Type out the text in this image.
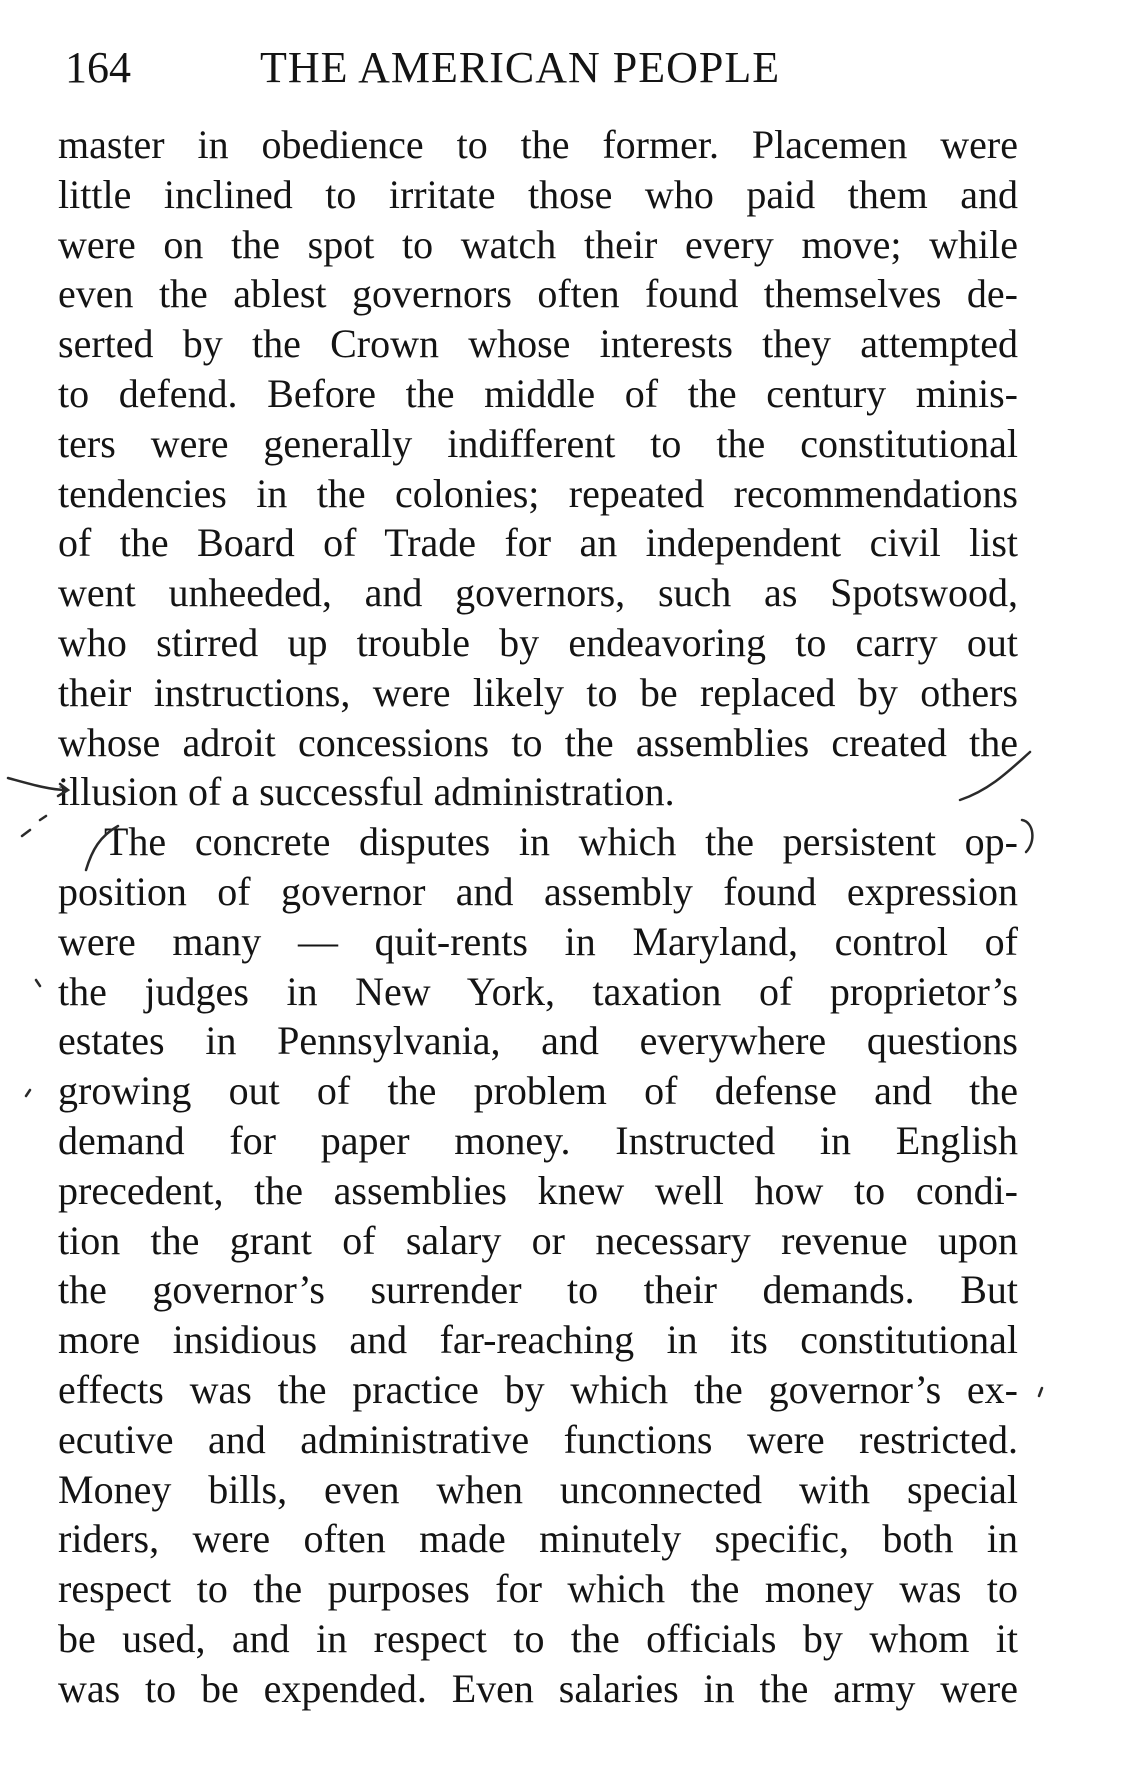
164	THE AMERICAN PEOPLE
master in obedience to the former. Placemen were
little inclined to irritate those who paid them and
were on the spot to watch their every move; while
even the ablest governors often found themselves de-
serted by the Crown whose interests they attempted
to defend. Before the middle of the century minis-
ters were generally indifferent to the constitutional
tendencies in the colonies; repeated recommendations
of the Board of Trade for an independent civil list
went unheeded, and governors, such as Spotswood,
who stirred up trouble by endeavoring to carry out
their instructions, were likely to be replaced by others
whose adroit concessions to the assemblies created the
illusion of a successful administration.
The concrete disputes in which the persistent op-
position of governor and assembly found expression
were many — quit-rents in Maryland, control of
the judges in New York, taxation of proprietor’s
estates in Pennsylvania, and everywhere questions
growing out of the problem of defense and the
demand for paper money. Instructed in English
precedent, the assemblies knew well how to condi-
tion the grant of salary or necessary revenue upon
the governor’s surrender to their demands. But
more insidious and far-reaching in its constitutional
effects was the practice by which the governor’s ex-
ecutive and administrative functions were restricted.
Money bills, even when unconnected with special
riders, were often made minutely specific, both in
respect to the purposes for which the money was to
be used, and in respect to the officials by whom it
was to be expended. Even salaries in the army were
